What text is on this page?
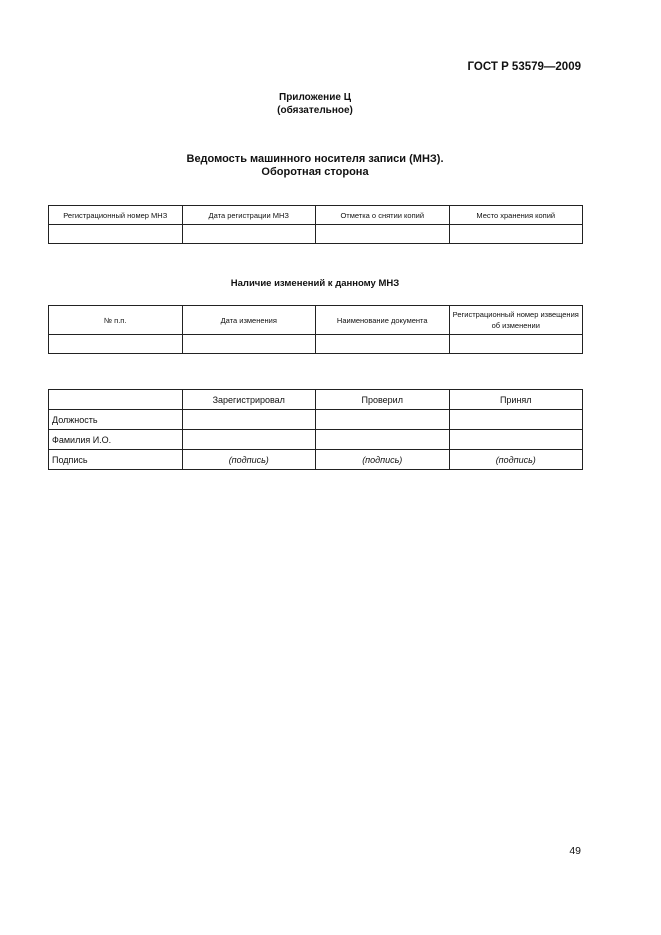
ГОСТ Р 53579—2009
Приложение Ц
(обязательное)
Ведомость машинного носителя записи (МНЗ).
Оборотная сторона
Регистрационный номер МНЗ	Дата регистрации МНЗ	Отметка о снятии копий	Место хранения копий

Наличие изменений к данному МНЗ
№ п.п.	Дата изменения	Наименование документа	Регистрационный номер извещения об изменении

	Зарегистрировал	Проверил	Принял
Должность			
Фамилия И.О.			
Подпись	(подпись)	(подпись)	(подпись)
49
